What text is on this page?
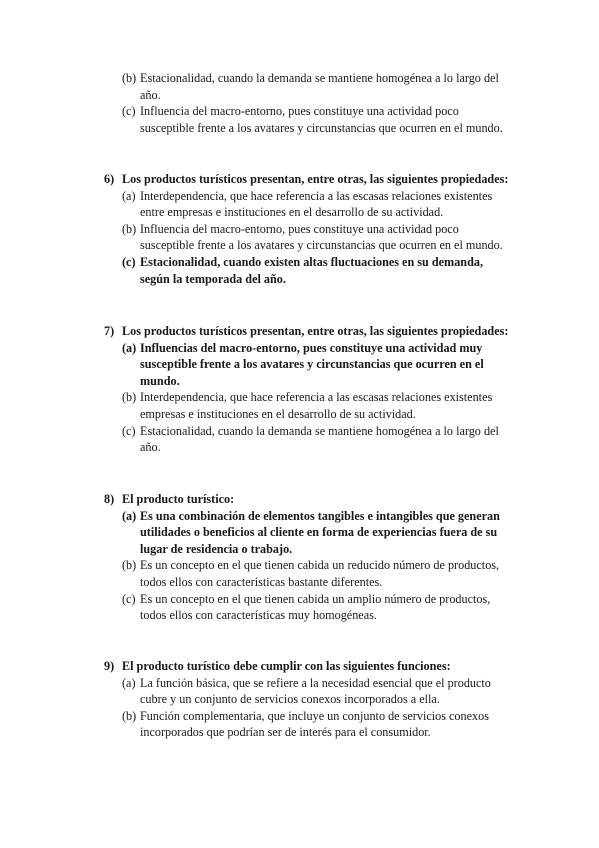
(b) Estacionalidad, cuando la demanda se mantiene homogénea a lo largo del año.
(c) Influencia del macro-entorno, pues constituye una actividad poco susceptible frente a los avatares y circunstancias que ocurren en el mundo.
6) Los productos turísticos presentan, entre otras, las siguientes propiedades:
(a) Interdependencia, que hace referencia a las escasas relaciones existentes entre empresas e instituciones en el desarrollo de su actividad.
(b) Influencia del macro-entorno, pues constituye una actividad poco susceptible frente a los avatares y circunstancias que ocurren en el mundo.
(c) Estacionalidad, cuando existen altas fluctuaciones en su demanda, según la temporada del año.
7) Los productos turísticos presentan, entre otras, las siguientes propiedades:
(a) Influencias del macro-entorno, pues constituye una actividad muy susceptible frente a los avatares y circunstancias que ocurren en el mundo.
(b) Interdependencia, que hace referencia a las escasas relaciones existentes empresas e instituciones en el desarrollo de su actividad.
(c) Estacionalidad, cuando la demanda se mantiene homogénea a lo largo del año.
8) El producto turístico:
(a) Es una combinación de elementos tangibles e intangibles que generan utilidades o beneficios al cliente en forma de experiencias fuera de su lugar de residencia o trabajo.
(b) Es un concepto en el que tienen cabida un reducido número de productos, todos ellos con características bastante diferentes.
(c) Es un concepto en el que tienen cabida un amplio número de productos, todos ellos con características muy homogéneas.
9) El producto turístico debe cumplir con las siguientes funciones:
(a) La función básica, que se refiere a la necesidad esencial que el producto cubre y un conjunto de servicios conexos incorporados a ella.
(b) Función complementaria, que incluye un conjunto de servicios conexos incorporados que podrían ser de interés para el consumidor.
